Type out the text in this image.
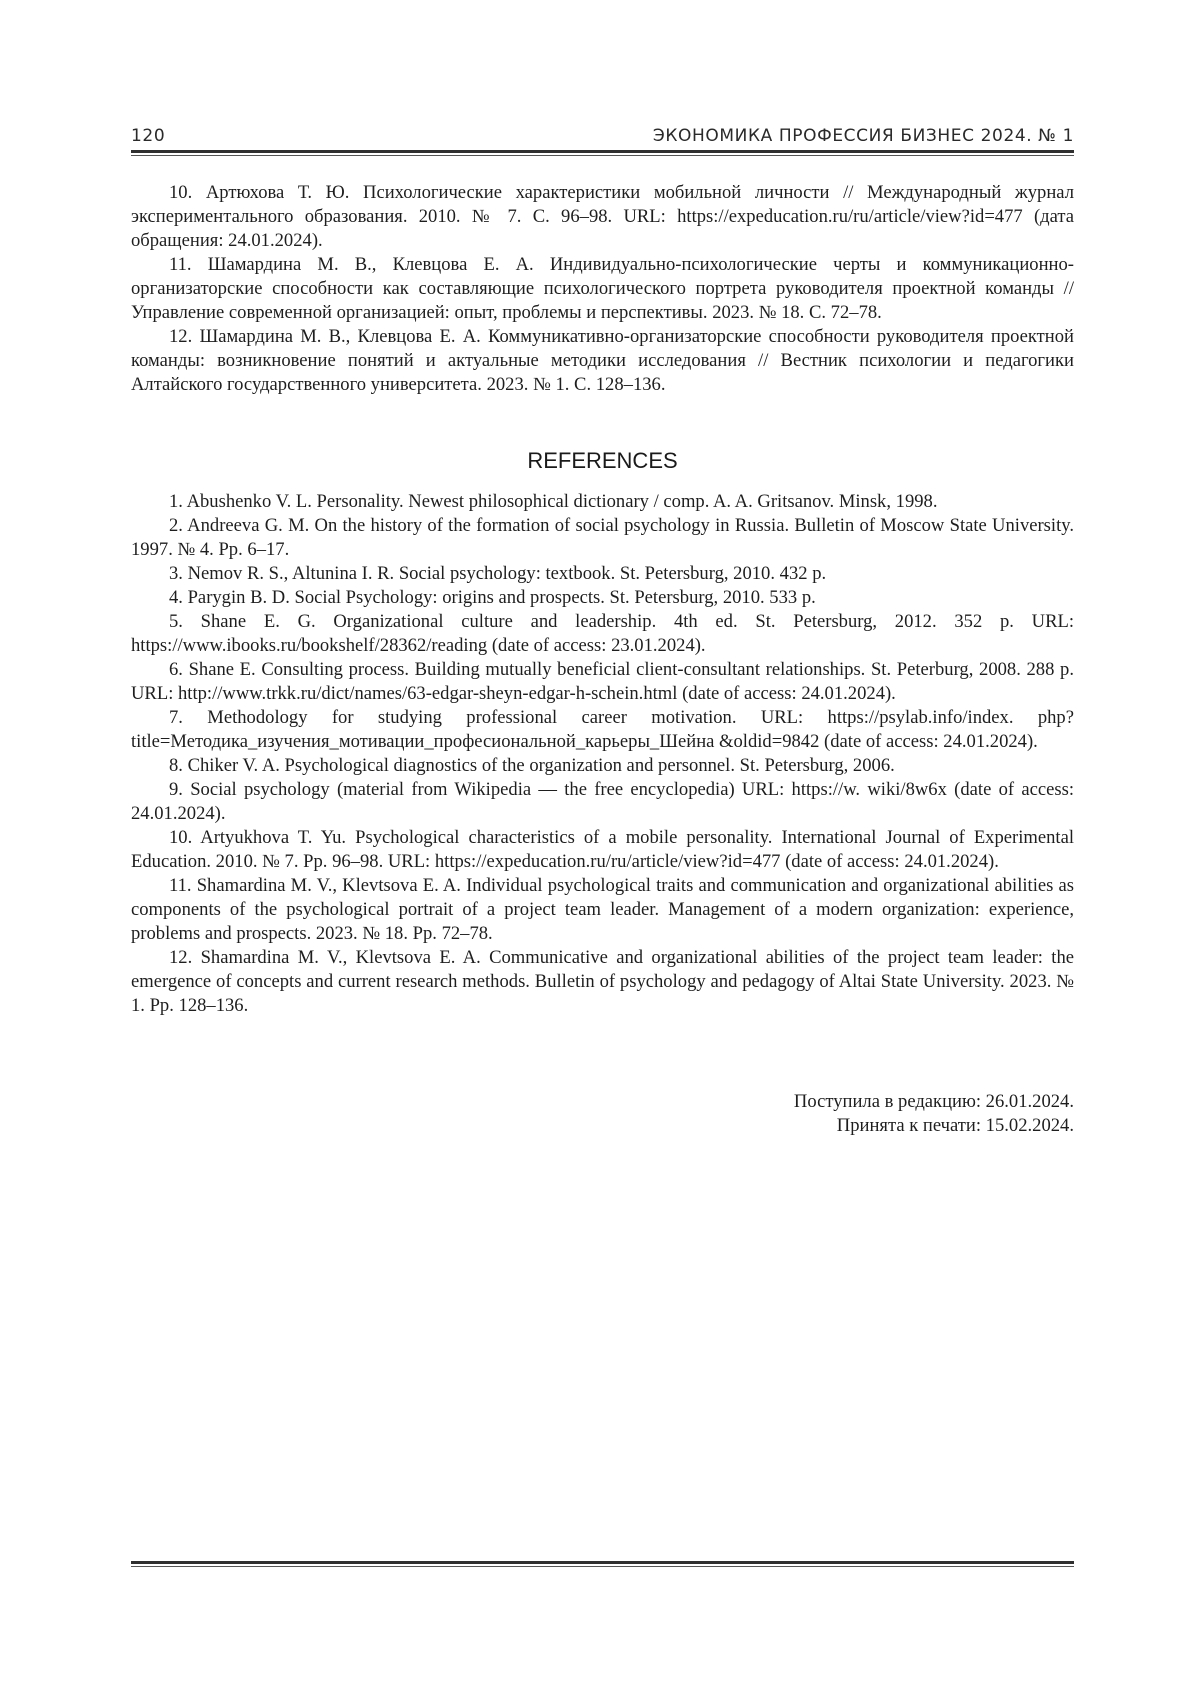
120	ЭКОНОМИКА ПРОФЕССИЯ БИЗНЕС 2024. № 1

10. Артюхова Т. Ю. Психологические характеристики мобильной личности // Международный журнал экспериментального образования. 2010. № 7. С. 96–98. URL: https://expeducation.ru/ru/article/view?id=477 (дата обращения: 24.01.2024).

11. Шамардина М. В., Клевцова Е. А. Индивидуально-психологические черты и коммуникационно-организаторские способности как составляющие психологического портрета руководителя проектной команды // Управление современной организацией: опыт, проблемы и перспективы. 2023. № 18. С. 72–78.

12. Шамардина М. В., Клевцова Е. А. Коммуникативно-организаторские способности руководителя проектной команды: возникновение понятий и актуальные методики исследования // Вестник психологии и педагогики Алтайского государственного университета. 2023. № 1. С. 128–136.

REFERENCES

1. Abushenko V. L. Personality. Newest philosophical dictionary / comp. A. A. Gritsanov. Minsk, 1998.

2. Andreeva G. M. On the history of the formation of social psychology in Russia. Bulletin of Moscow State University. 1997. № 4. Pp. 6–17.

3. Nemov R. S., Altunina I. R. Social psychology: textbook. St. Petersburg, 2010. 432 p.

4. Parygin B. D. Social Psychology: origins and prospects. St. Petersburg, 2010. 533 p.

5. Shane E. G. Organizational culture and leadership. 4th ed. St. Petersburg, 2012. 352 p. URL: https://www.ibooks.ru/bookshelf/28362/reading (date of access: 23.01.2024).

6. Shane E. Consulting process. Building mutually beneficial client-consultant relationships. St. Peterburg, 2008. 288 p. URL: http://www.trkk.ru/dict/names/63-edgar-sheyn-edgar-h-schein.html (date of access: 24.01.2024).

7. Methodology for studying professional career motivation. URL: https://psylab.info/index. php?title=Методика_изучения_мотивации_професиональной_карьеры_Шейна &oldid=9842 (date of access: 24.01.2024).

8. Chiker V. A. Psychological diagnostics of the organization and personnel. St. Petersburg, 2006.

9. Social psychology (material from Wikipedia — the free encyclopedia) URL: https://w. wiki/8w6x (date of access: 24.01.2024).

10. Artyukhova T. Yu. Psychological characteristics of a mobile personality. International Journal of Experimental Education. 2010. № 7. Pp. 96–98. URL: https://expeducation.ru/ru/article/view?id=477 (date of access: 24.01.2024).

11. Shamardina M. V., Klevtsova E. A. Individual psychological traits and communication and organizational abilities as components of the psychological portrait of a project team leader. Management of a modern organization: experience, problems and prospects. 2023. № 18. Pp. 72–78.

12. Shamardina M. V., Klevtsova E. A. Communicative and organizational abilities of the project team leader: the emergence of concepts and current research methods. Bulletin of psychology and pedagogy of Altai State University. 2023. № 1. Pp. 128–136.

Поступила в редакцию: 26.01.2024.
Принята к печати: 15.02.2024.
